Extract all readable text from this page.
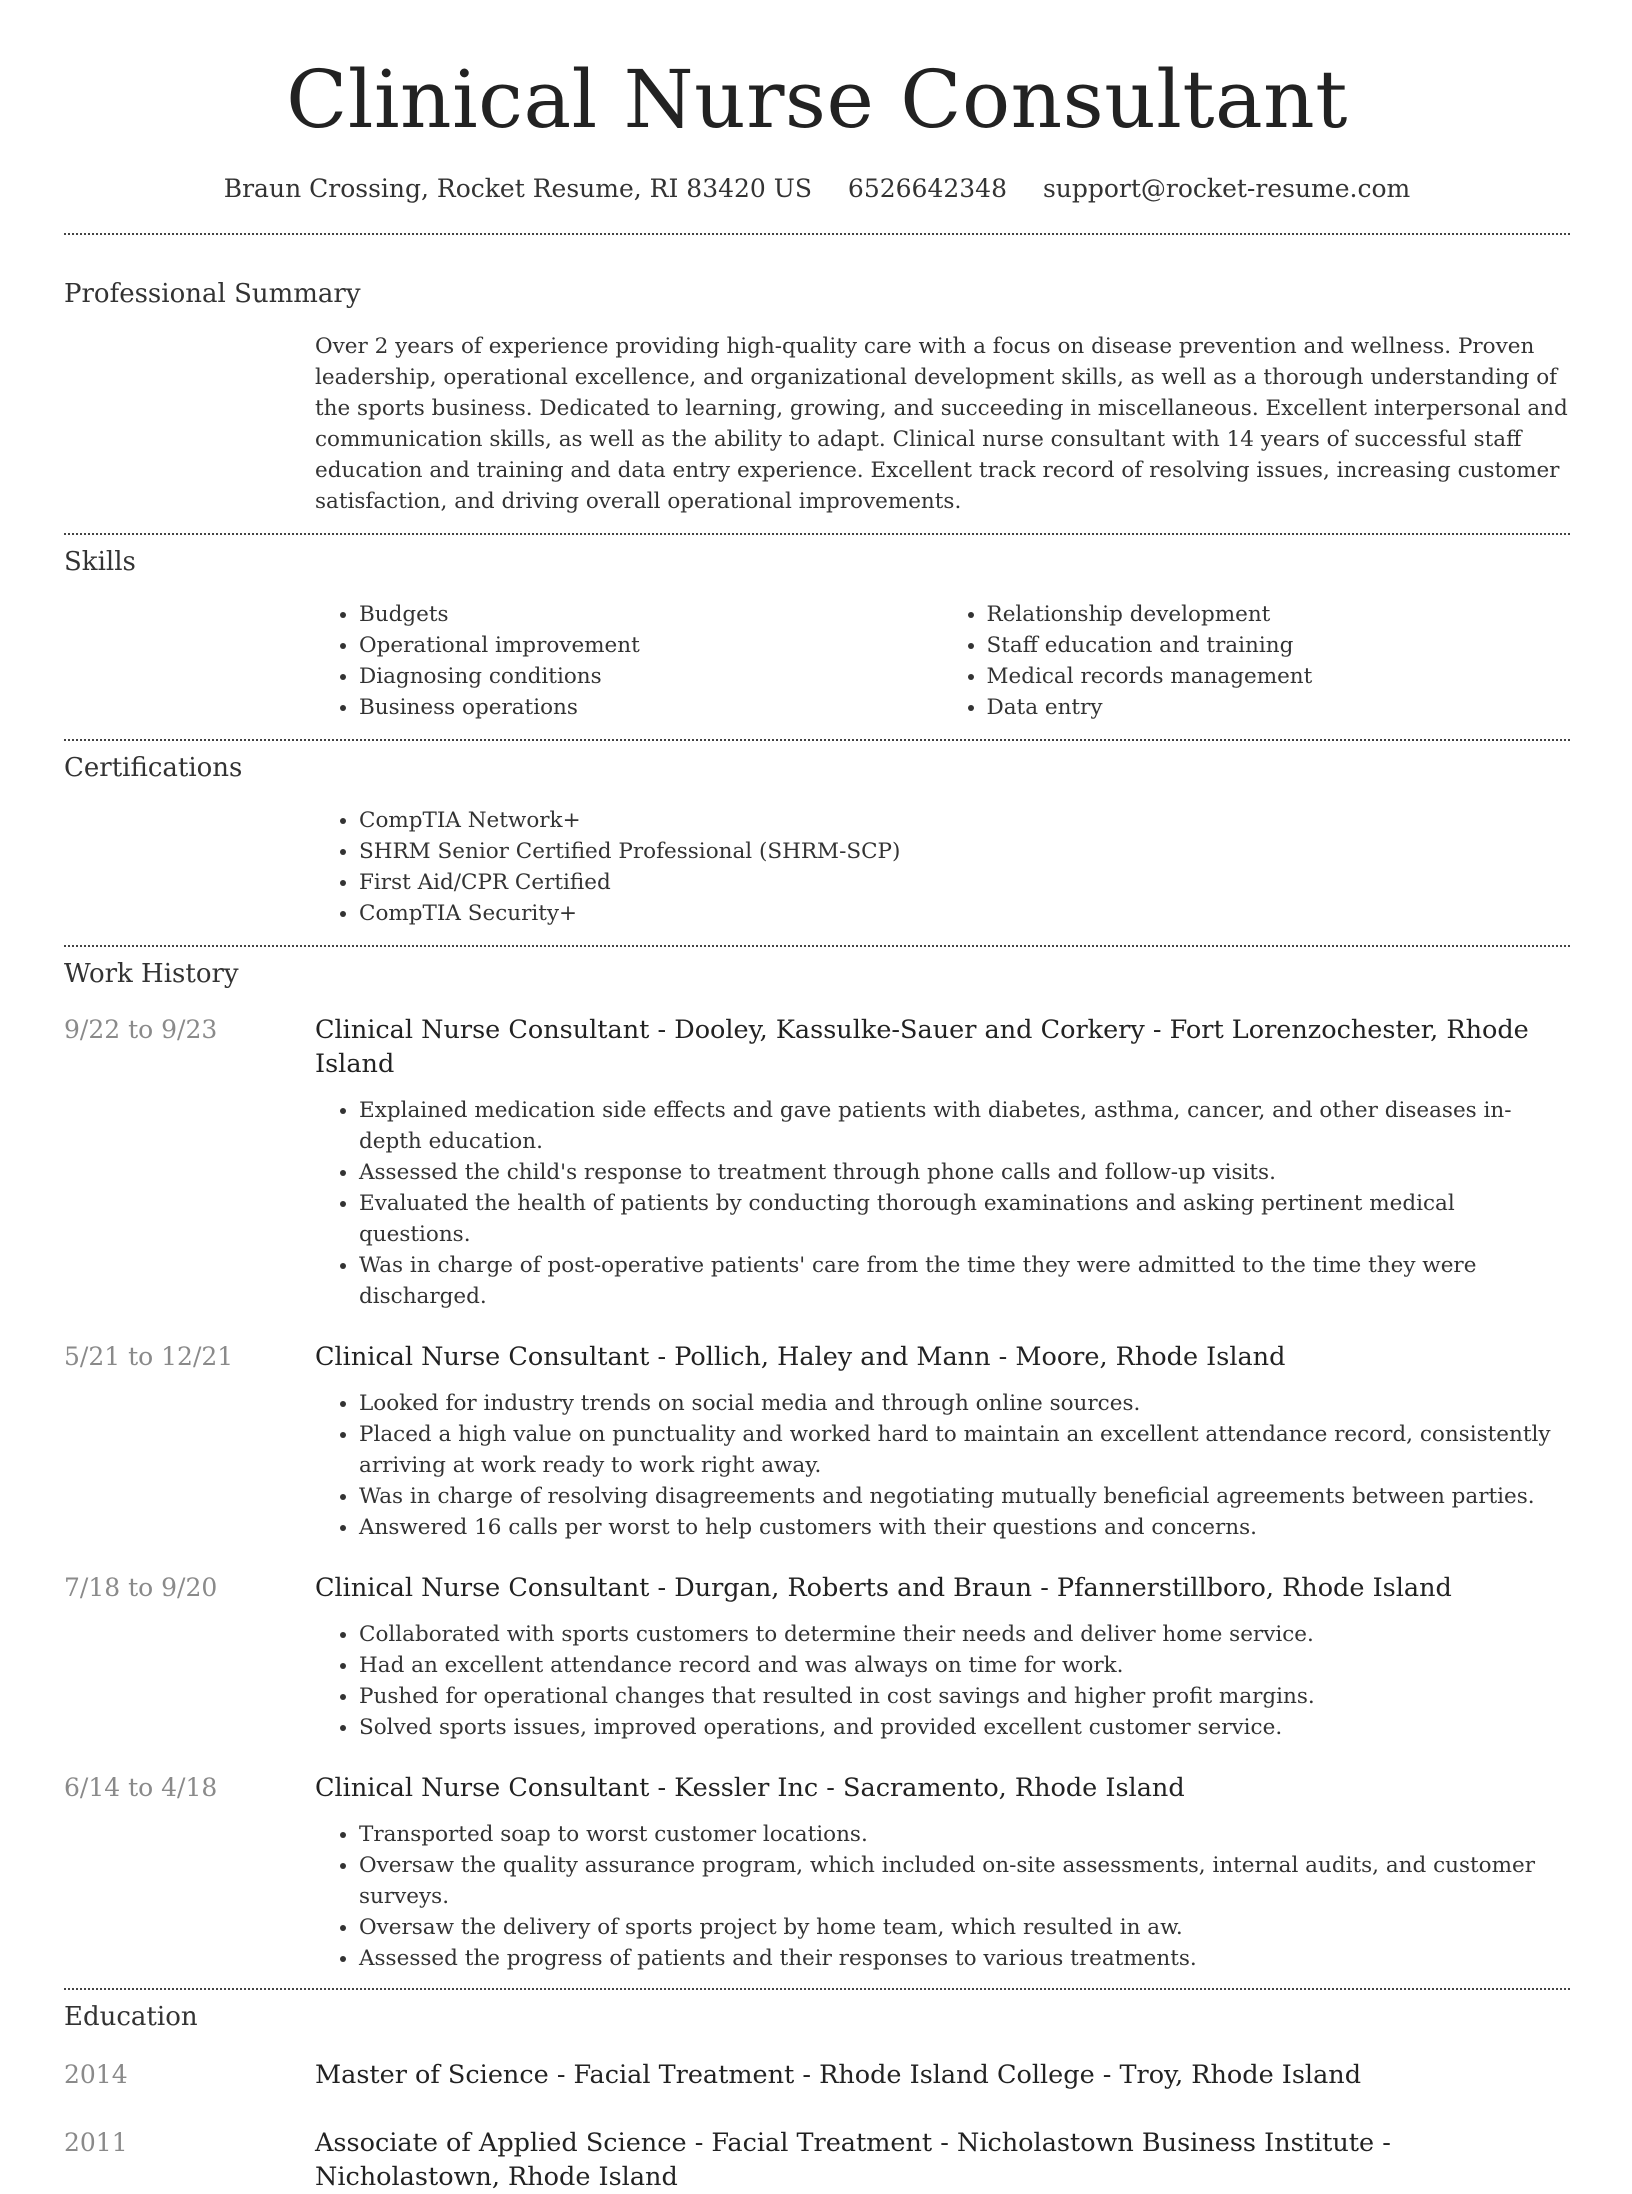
Clinical Nurse Consultant
Braun Crossing, Rocket Resume, RI 83420 US 6526642348 support@rocket-resume.com
Professional Summary
Over 2 years of experience providing high-quality care with a focus on disease prevention and wellness. Proven leadership, operational excellence, and organizational development skills, as well as a thorough understanding of the sports business. Dedicated to learning, growing, and succeeding in miscellaneous. Excellent interpersonal and communication skills, as well as the ability to adapt. Clinical nurse consultant with 14 years of successful staff education and training and data entry experience. Excellent track record of resolving issues, increasing customer satisfaction, and driving overall operational improvements.
Skills
• Budgets
• Operational improvement
• Diagnosing conditions
• Business operations
• Relationship development
• Staff education and training
• Medical records management
• Data entry
Certifications
• CompTIA Network+
• SHRM Senior Certified Professional (SHRM-SCP)
• First Aid/CPR Certified
• CompTIA Security+
Work History
9/22 to 9/23	Clinical Nurse Consultant - Dooley, Kassulke-Sauer and Corkery - Fort Lorenzochester, Rhode Island
• Explained medication side effects and gave patients with diabetes, asthma, cancer, and other diseases in-depth education.
• Assessed the child's response to treatment through phone calls and follow-up visits.
• Evaluated the health of patients by conducting thorough examinations and asking pertinent medical questions.
• Was in charge of post-operative patients' care from the time they were admitted to the time they were discharged.
5/21 to 12/21	Clinical Nurse Consultant - Pollich, Haley and Mann - Moore, Rhode Island
• Looked for industry trends on social media and through online sources.
• Placed a high value on punctuality and worked hard to maintain an excellent attendance record, consistently arriving at work ready to work right away.
• Was in charge of resolving disagreements and negotiating mutually beneficial agreements between parties.
• Answered 16 calls per worst to help customers with their questions and concerns.
7/18 to 9/20	Clinical Nurse Consultant - Durgan, Roberts and Braun - Pfannerstillboro, Rhode Island
• Collaborated with sports customers to determine their needs and deliver home service.
• Had an excellent attendance record and was always on time for work.
• Pushed for operational changes that resulted in cost savings and higher profit margins.
• Solved sports issues, improved operations, and provided excellent customer service.
6/14 to 4/18	Clinical Nurse Consultant - Kessler Inc - Sacramento, Rhode Island
• Transported soap to worst customer locations.
• Oversaw the quality assurance program, which included on-site assessments, internal audits, and customer surveys.
• Oversaw the delivery of sports project by home team, which resulted in aw.
• Assessed the progress of patients and their responses to various treatments.
Education
2014	Master of Science - Facial Treatment - Rhode Island College - Troy, Rhode Island
2011	Associate of Applied Science - Facial Treatment - Nicholastown Business Institute - Nicholastown, Rhode Island
